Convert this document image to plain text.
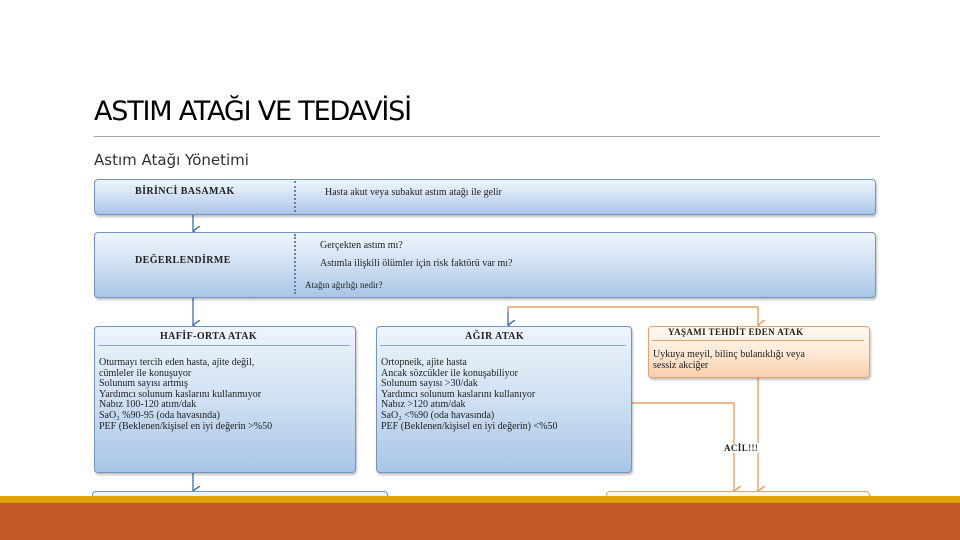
ASTIM ATAĞI VE TEDAVİSİ

Astım Atağı Yönetimi

BİRİNCİ BASAMAK	Hasta akut veya subakut astım atağı ile gelir

DEĞERLENDİRME

Gerçekten astım mı?

Astımla ilişkili ölümler için risk faktörü var mı?

Atağın ağırlığı nedir?

HAFİF-ORTA ATAK

Oturmayı tercih eden hasta, ajite değil,
cümleler ile konuşuyor
Solunum sayısı artmış
Yardımcı solunum kaslarını kullanmıyor
Nabız 100-120 atım/dak
SaO₂ %90-95 (oda havasında)
PEF (Beklenen/kişisel en iyi değerin >%50

AĞIR ATAK

Ortopneik, ajite hasta
Ancak sözcükler ile konuşabiliyor
Solunum sayısı >30/dak
Yardımcı solunum kaslarını kullanıyor
Nabız >120 atım/dak
SaO₂ <%90 (oda havasında)
PEF (Beklenen/kişisel en iyi değerin) <%50

YAŞAMI TEHDİT EDEN ATAK

Uykuya meyil, bilinç bulanıklığı veya
sessiz akciğer

ACİL!!!
